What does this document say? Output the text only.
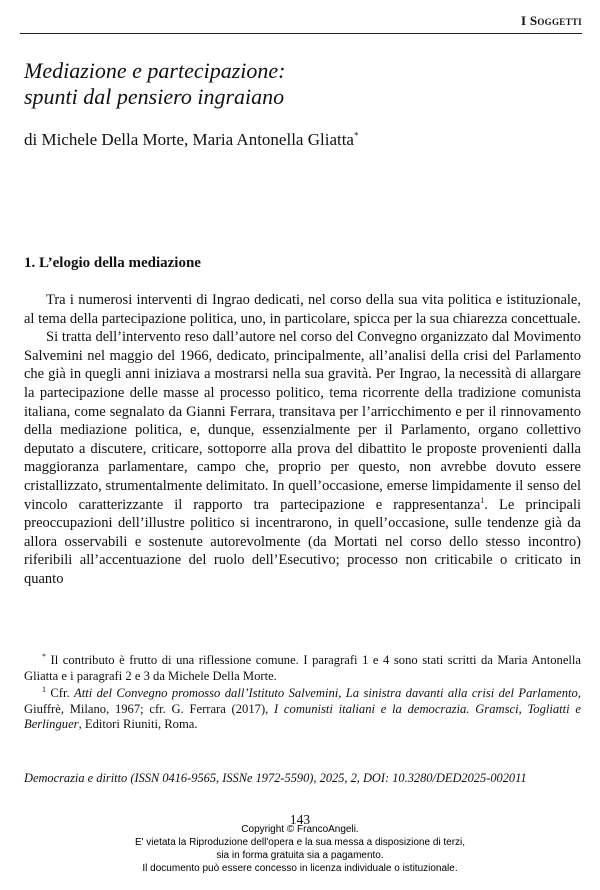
I Soggetti
Mediazione e partecipazione:
spunti dal pensiero ingraiano
di Michele Della Morte, Maria Antonella Gliatta*
1. L’elogio della mediazione

Tra i numerosi interventi di Ingrao dedicati, nel corso della sua vita politica e istituzionale, al tema della partecipazione politica, uno, in particolare, spicca per la sua chiarezza concettuale.

Si tratta dell’intervento reso dall’autore nel corso del Convegno organizzato dal Movimento Salvemini nel maggio del 1966, dedicato, principalmente, all’analisi della crisi del Parlamento che già in quegli anni iniziava a mostrarsi nella sua gravità. Per Ingrao, la necessità di allargare la partecipazione delle masse al processo politico, tema ricorrente della tradizione comunista italiana, come segnalato da Gianni Ferrara, transitava per l’arricchimento e per il rinnovamento della mediazione politica, e, dunque, essenzialmente per il Parlamento, organo collettivo deputato a discutere, criticare, sottoporre alla prova del dibattito le proposte provenienti dalla maggioranza parlamentare, campo che, proprio per questo, non avrebbe dovuto essere cristallizzato, strumentalmente delimitato. In quell’occasione, emerse limpidamente il senso del vincolo caratterizzante il rapporto tra partecipazione e rappresentanza$^1$. Le principali preoccupazioni dell’illustre politico si incentrarono, in quell’occasione, sulle tendenze già da allora osservabili e sostenute autorevolmente (da Mortati nel corso dello stesso incontro) riferibili all’accentuazione del ruolo dell’Esecutivo; processo non criticabile o criticato in quanto

* Il contributo è frutto di una riflessione comune. I paragrafi 1 e 4 sono stati scritti da Maria Antonella Gliatta e i paragrafi 2 e 3 da Michele Della Morte.

$^1$ Cfr. Atti del Convegno promosso dall’Istituto Salvemini, La sinistra davanti alla crisi del Parlamento, Giuffrè, Milano, 1967; cfr. G. Ferrara (2017), I comunisti italiani e la democrazia. Gramsci, Togliatti e Berlinguer, Editori Riuniti, Roma.

Democrazia e diritto (ISSN 0416-9565, ISSNe 1972-5590), 2025, 2, DOI: 10.3280/DED2025-002011
143
Copyright © FrancoAngeli.
E' vietata la Riproduzione dell'opera e la sua messa a disposizione di terzi,
sia in forma gratuita sia a pagamento.
Il documento può essere concesso in licenza individuale o istituzionale.
